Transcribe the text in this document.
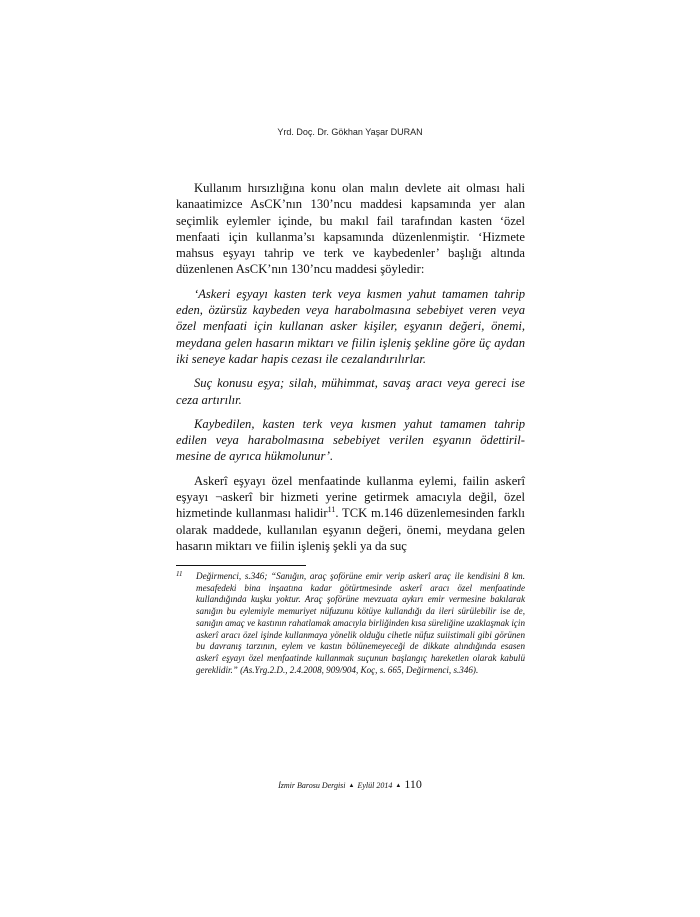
Yrd. Doç. Dr. Gökhan Yaşar DURAN

Kullanım hırsızlığına konu olan malın devlete ait olması hali kanaatimizce AsCK’nın 130’ncu maddesi kapsamında yer alan seçimlik eylemler içinde, bu makıl fail tarafından kasten ‘özel menfaati için kullanma’sı kapsamında düzenlenmiştir. ‘Hizmete mahsus eşyayı tahrip ve terk ve kaybedenler’ başlığı altında düzenlenen AsCK’nın 130’ncu maddesi şöyledir:

‘Askeri eşyayı kasten terk veya kısmen yahut tamamen tahrip eden, özürsüz kaybeden veya harabolmasına sebebiyet veren veya özel menfaati için kullanan asker kişiler, eşyanın değeri, önemi, meydana gelen hasarın miktarı ve fiilin işleniş şekline göre üç aydan iki seneye kadar hapis cezası ile cezalandırılırlar.

Suç konusu eşya; silah, mühimmat, savaş aracı veya gereci ise ceza artırılır.

Kaybedilen, kasten terk veya kısmen yahut tamamen tahrip edilen veya harabolmasına sebebiyet verilen eşyanın ödettiril-mesine de ayrıca hükmolunur’.

Askerî eşyayı özel menfaatinde kullanma eylemi, failin askerî eşyayı ¬askerî bir hizmeti yerine getirmek amacıyla değil, özel hizmetinde kullanması halidir$^{11}$. TCK m.146 düzenlemesinden farklı olarak maddede, kullanılan eşyanın değeri, önemi, meydana gelen hasarın miktarı ve fiilin işleniş şekli ya da suç

11 Değirmenci, s.346; “Sanığın, araç şoförüne emir verip askerî araç ile kendisini 8 km. mesafedeki bina inşaatına kadar götürtmesinde askerî aracı özel menfaatinde kullandığında kuşku yoktur. Araç şoförüne mevzuata aykırı emir vermesine bakılarak sanığın bu eylemiyle memuriyet nüfuzunu kötüye kullandığı da ileri sürülebilir ise de, sanığın amaç ve kastının rahatlamak amacıyla birliğinden kısa süreliğine uzaklaşmak için askerî aracı özel işinde kullanmaya yönelik olduğu cihetle nüfuz suiistimali gibi görünen bu davranış tarzının, eylem ve kastın bölünemeyeceği de dikkate alındığında esasen askerî eşyayı özel menfaatinde kullanmak suçunun başlangıç hareketlen olarak kabulü gereklidir.” (As.Yrg.2.D., 2.4.2008, 909/904, Koç, s. 665, Değirmenci, s.346).
İzmir Barosu Dergisi ▲ Eylül 2014 ▲ 110
